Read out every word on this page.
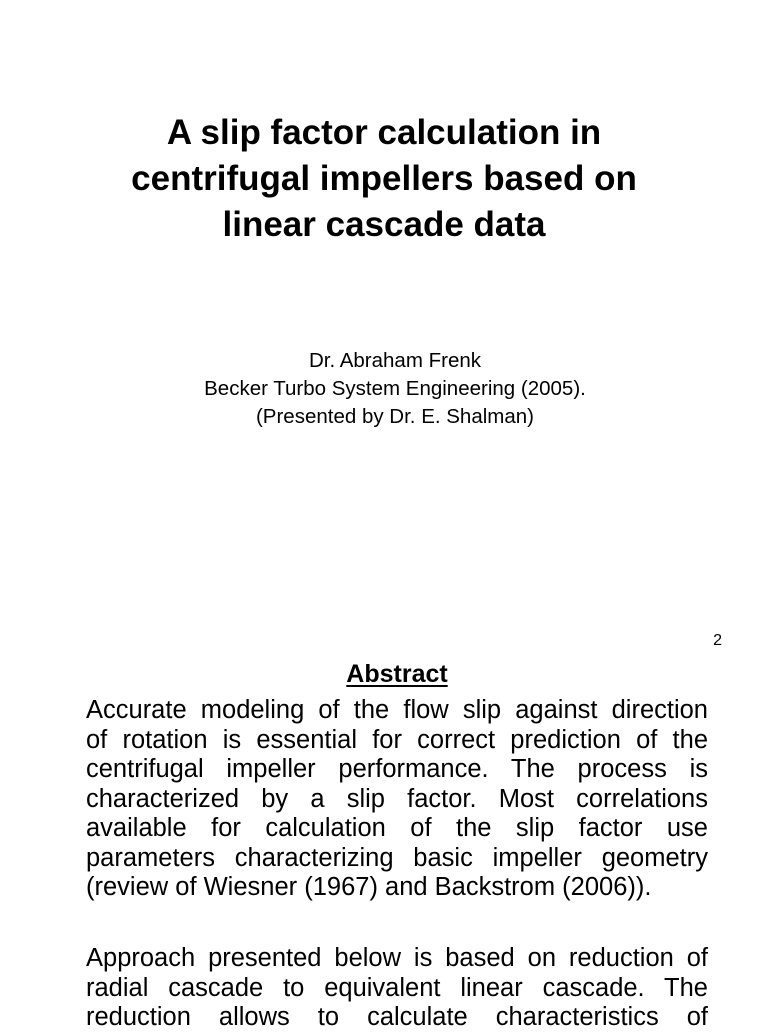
A slip factor calculation in
centrifugal impellers based on
linear cascade data
Dr. Abraham Frenk
Becker Turbo System Engineering (2005).
(Presented by Dr. E. Shalman)
2
Abstract
Accurate modeling of the flow slip against direction
of rotation is essential for correct prediction of the
centrifugal impeller performance. The process is
characterized by a slip factor. Most correlations
available for calculation of the slip factor use
parameters characterizing basic impeller geometry
(review of Wiesner (1967) and Backstrom (2006)).
Approach presented below is based on reduction of
radial cascade to equivalent linear cascade. The
reduction allows to calculate characteristics of
